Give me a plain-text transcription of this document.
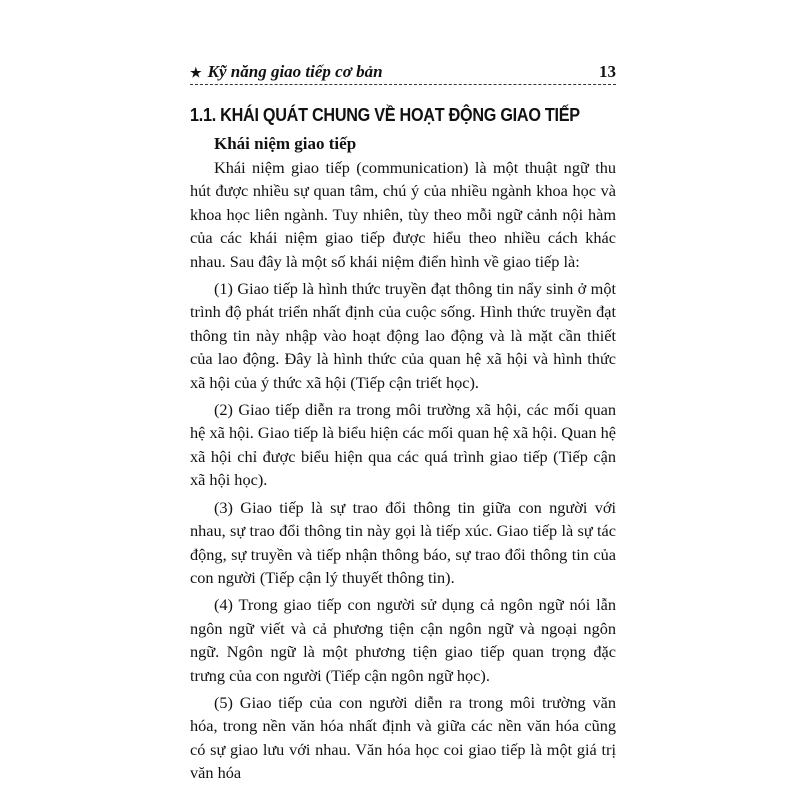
★ Kỹ năng giao tiếp cơ bản	13
1.1. KHÁI QUÁT CHUNG VỀ HOẠT ĐỘNG GIAO TIẾP
Khái niệm giao tiếp

Khái niệm giao tiếp (communication) là một thuật ngữ thu hút được nhiều sự quan tâm, chú ý của nhiều ngành khoa học và khoa học liên ngành. Tuy nhiên, tùy theo mỗi ngữ cảnh nội hàm của các khái niệm giao tiếp được hiểu theo nhiều cách khác nhau. Sau đây là một số khái niệm điển hình về giao tiếp là:

(1) Giao tiếp là hình thức truyền đạt thông tin nẩy sinh ở một trình độ phát triển nhất định của cuộc sống. Hình thức truyền đạt thông tin này nhập vào hoạt động lao động và là mặt cần thiết của lao động. Đây là hình thức của quan hệ xã hội và hình thức xã hội của ý thức xã hội (Tiếp cận triết học).

(2) Giao tiếp diễn ra trong môi trường xã hội, các mối quan hệ xã hội. Giao tiếp là biểu hiện các mối quan hệ xã hội. Quan hệ xã hội chỉ được biểu hiện qua các quá trình giao tiếp (Tiếp cận xã hội học).

(3) Giao tiếp là sự trao đổi thông tin giữa con người với nhau, sự trao đổi thông tin này gọi là tiếp xúc. Giao tiếp là sự tác động, sự truyền và tiếp nhận thông báo, sự trao đổi thông tin của con người (Tiếp cận lý thuyết thông tin).

(4) Trong giao tiếp con người sử dụng cả ngôn ngữ nói lẫn ngôn ngữ viết và cả phương tiện cận ngôn ngữ và ngoại ngôn ngữ. Ngôn ngữ là một phương tiện giao tiếp quan trọng đặc trưng của con người (Tiếp cận ngôn ngữ học).

(5) Giao tiếp của con người diễn ra trong môi trường văn hóa, trong nền văn hóa nhất định và giữa các nền văn hóa cũng có sự giao lưu với nhau. Văn hóa học coi giao tiếp là một giá trị văn hóa
